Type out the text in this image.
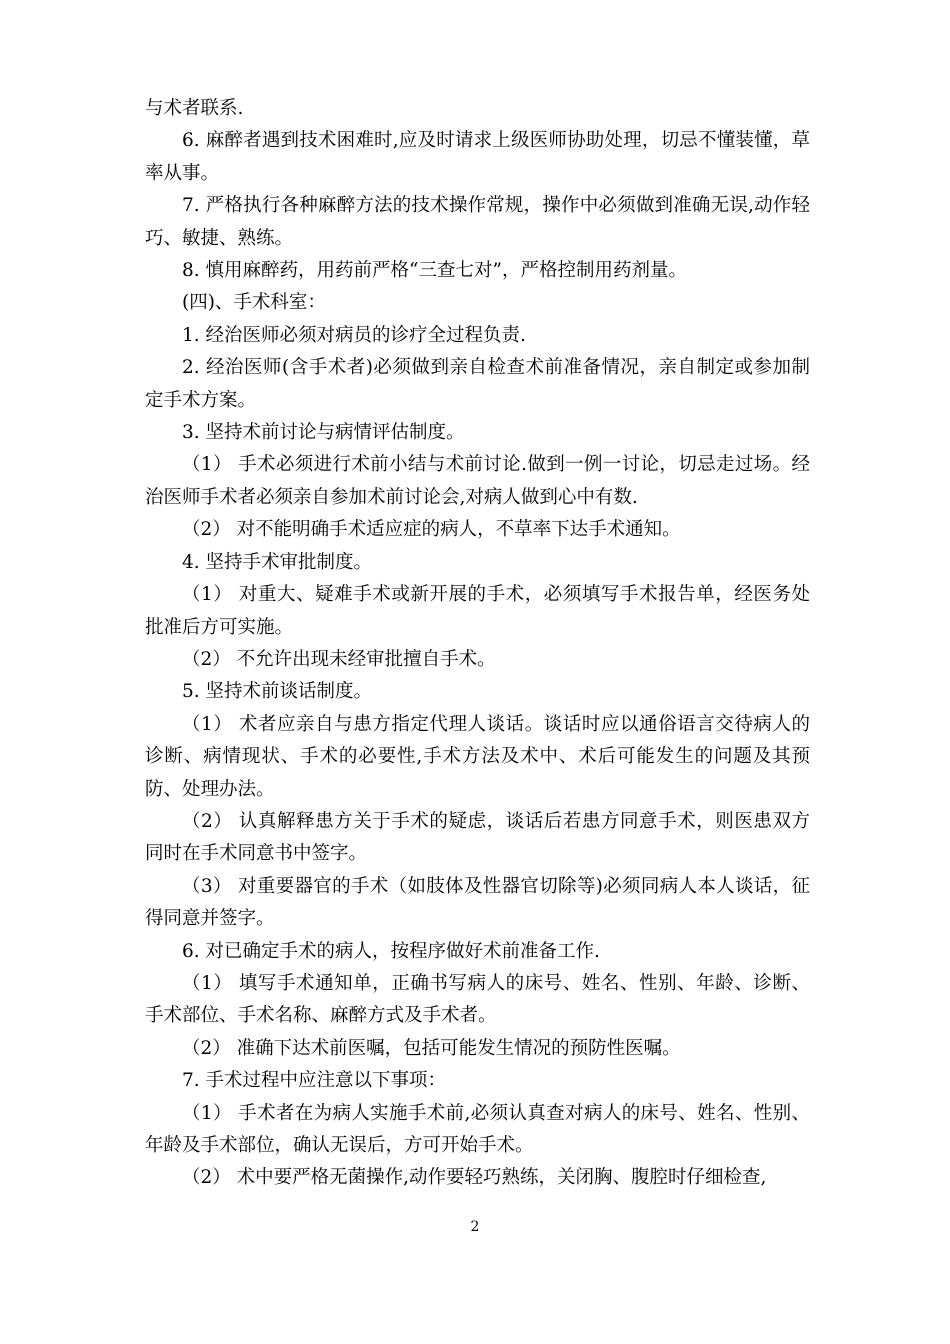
与术者联系.

6. 麻醉者遇到技术困难时,应及时请求上级医师协助处理，切忌不懂装懂，草率从事。

7. 严格执行各种麻醉方法的技术操作常规，操作中必须做到准确无误,动作轻巧、敏捷、熟练。

8. 慎用麻醉药，用药前严格“三查七对”，严格控制用药剂量。

(四)、手术科室：

1. 经治医师必须对病员的诊疗全过程负责.

2. 经治医师(含手术者)必须做到亲自检查术前准备情况，亲自制定或参加制定手术方案。

3. 坚持术前讨论与病情评估制度。

（1） 手术必须进行术前小结与术前讨论.做到一例一讨论，切忌走过场。经治医师手术者必须亲自参加术前讨论会,对病人做到心中有数.

（2） 对不能明确手术适应症的病人，不草率下达手术通知。

4. 坚持手术审批制度。

（1） 对重大、疑难手术或新开展的手术，必须填写手术报告单，经医务处批准后方可实施。

（2） 不允许出现未经审批擅自手术。

5. 坚持术前谈话制度。

（1） 术者应亲自与患方指定代理人谈话。谈话时应以通俗语言交待病人的诊断、病情现状、手术的必要性,手术方法及术中、术后可能发生的问题及其预防、处理办法。

（2） 认真解释患方关于手术的疑虑，谈话后若患方同意手术，则医患双方同时在手术同意书中签字。

（3） 对重要器官的手术（如肢体及性器官切除等)必须同病人本人谈话，征得同意并签字。

6. 对已确定手术的病人，按程序做好术前准备工作.

（1） 填写手术通知单，正确书写病人的床号、姓名、性别、年龄、诊断、手术部位、手术名称、麻醉方式及手术者。

（2） 准确下达术前医嘱，包括可能发生情况的预防性医嘱。

7. 手术过程中应注意以下事项：

（1） 手术者在为病人实施手术前,必须认真查对病人的床号、姓名、性别、年龄及手术部位，确认无误后，方可开始手术。

（2） 术中要严格无菌操作,动作要轻巧熟练，关闭胸、腹腔时仔细检查,

2
